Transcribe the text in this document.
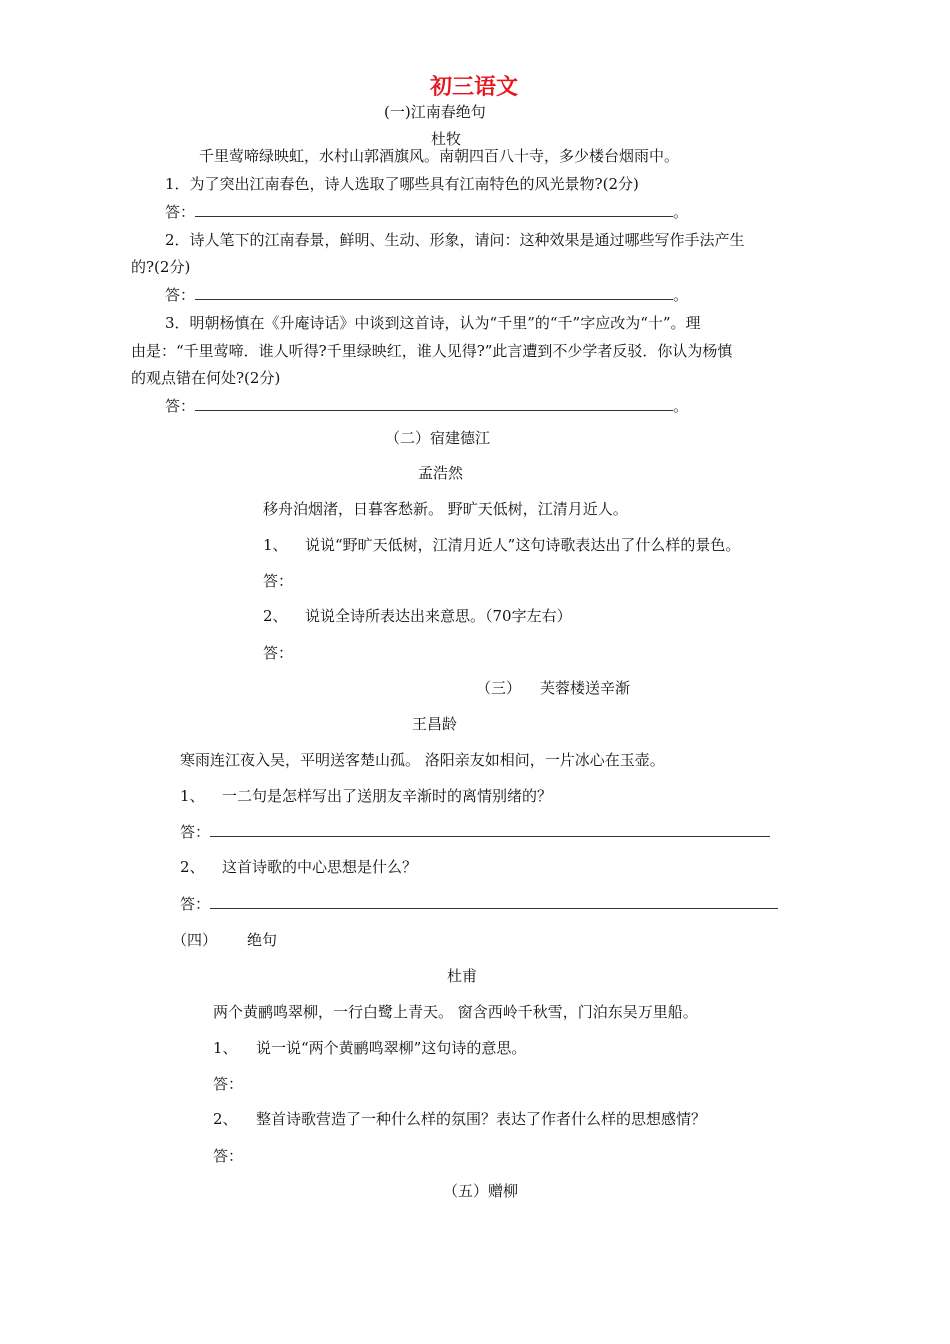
初三语文
(一)江南春绝句
杜牧
千里莺啼绿映虹，水村山郭酒旗风。南朝四百八十寺，多少楼台烟雨中。
1．为了突出江南春色，诗人选取了哪些具有江南特色的风光景物?(2分)
答：	。
2．诗人笔下的江南春景，鲜明、生动、形象，请问：这种效果是通过哪些写作手法产生
的?(2分)
答：	。
3．明朝杨慎在《升庵诗话》中谈到这首诗，认为“千里”的“千”字应改为“十”。理
由是：“千里莺啼．谁人听得?千里绿映红，谁人见得?”此言遭到不少学者反驳．你认为杨慎
的观点错在何处?(2分)
答：	。
（二）宿建德江
孟浩然
移舟泊烟渚，日暮客愁新。 野旷天低树，江清月近人。
1、 说说“野旷天低树，江清月近人”这句诗歌表达出了什么样的景色。
答：
2、 说说全诗所表达出来意思。（70字左右）
答：
（三） 芙蓉楼送辛渐
王昌龄
寒雨连江夜入吴，平明送客楚山孤。 洛阳亲友如相问，一片冰心在玉壶。
1、 一二句是怎样写出了送朋友辛渐时的离情别绪的？
答：
2、 这首诗歌的中心思想是什么？
答：
（四） 绝句
杜甫
两个黄鹂鸣翠柳，一行白鹭上青天。 窗含西岭千秋雪，门泊东吴万里船。
1、 说一说“两个黄鹂鸣翠柳”这句诗的意思。
答：
2、 整首诗歌营造了一种什么样的氛围？表达了作者什么样的思想感情？
答：
（五）赠柳
